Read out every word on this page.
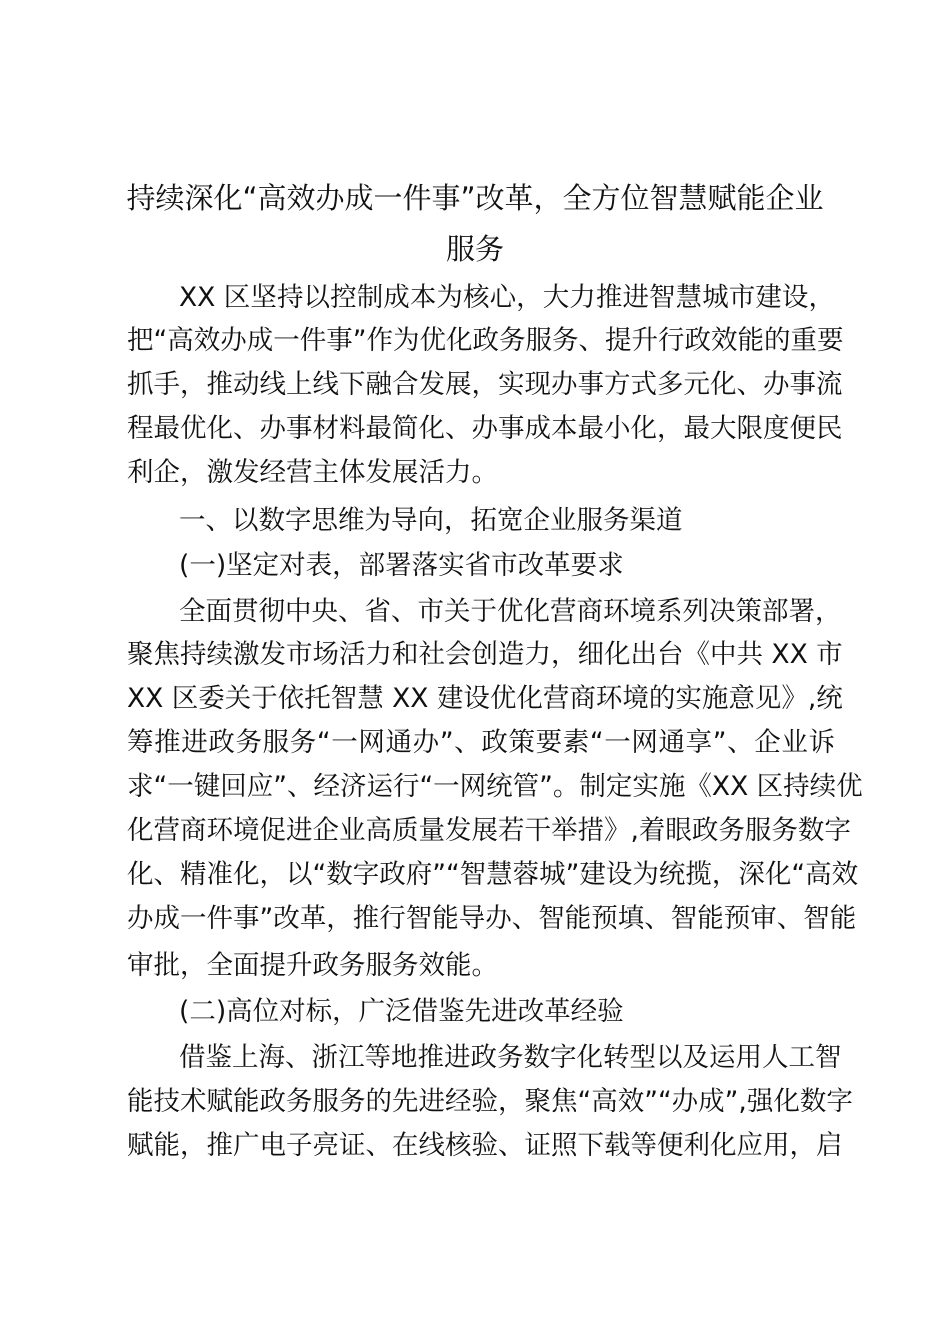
持续深化“高效办成一件事”改革，全方位智慧赋能企业
服务
XX 区坚持以控制成本为核心，大力推进智慧城市建设，
把“高效办成一件事”作为优化政务服务、提升行政效能的重要
抓手，推动线上线下融合发展，实现办事方式多元化、办事流
程最优化、办事材料最简化、办事成本最小化，最大限度便民
利企，激发经营主体发展活力。
一、以数字思维为导向，拓宽企业服务渠道
(一)坚定对表，部署落实省市改革要求
全面贯彻中央、省、市关于优化营商环境系列决策部署，
聚焦持续激发市场活力和社会创造力，细化出台《中共 XX 市
XX 区委关于依托智慧 XX 建设优化营商环境的实施意见》,统
筹推进政务服务“一网通办”、政策要素“一网通享”、企业诉
求“一键回应”、经济运行“一网统管”。制定实施《XX 区持续优
化营商环境促进企业高质量发展若干举措》,着眼政务服务数字
化、精准化，以“数字政府”“智慧蓉城”建设为统揽，深化“高效
办成一件事”改革，推行智能导办、智能预填、智能预审、智能
审批，全面提升政务服务效能。
(二)高位对标，广泛借鉴先进改革经验
借鉴上海、浙江等地推进政务数字化转型以及运用人工智
能技术赋能政务服务的先进经验，聚焦“高效”“办成”,强化数字
赋能，推广电子亮证、在线核验、证照下载等便利化应用，启
